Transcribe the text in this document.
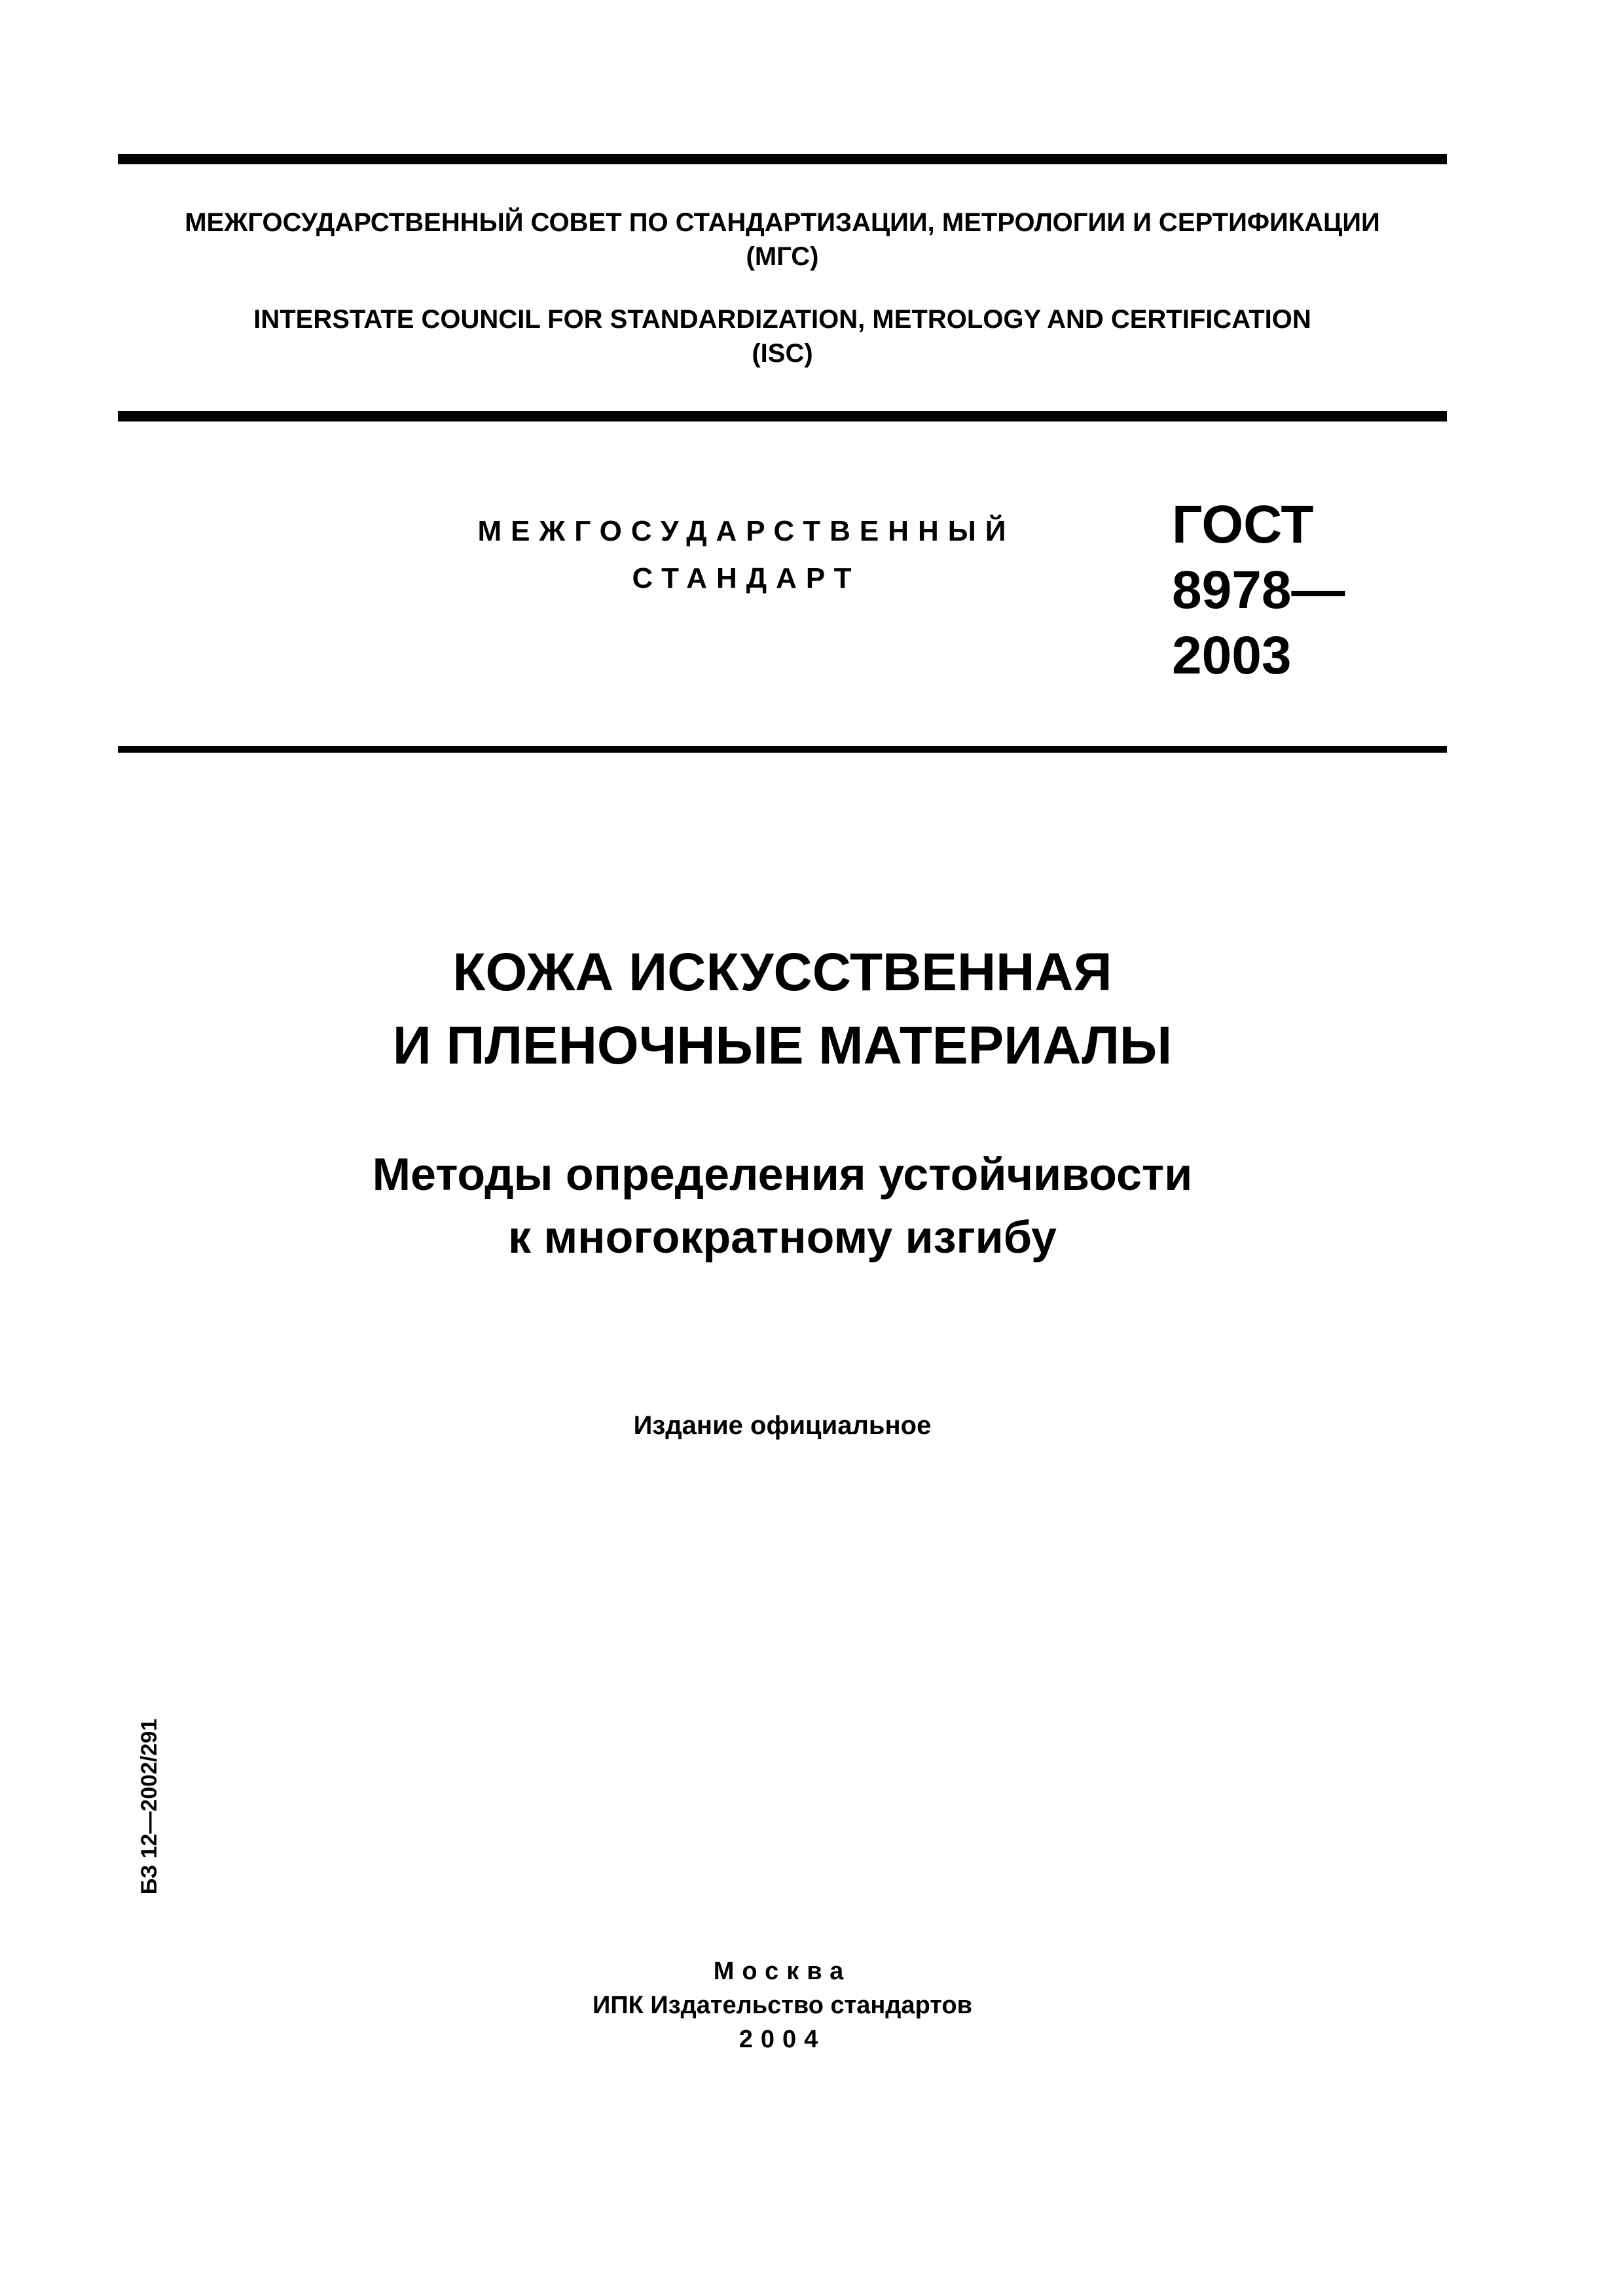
МЕЖГОСУДАРСТВЕННЫЙ СОВЕТ ПО СТАНДАРТИЗАЦИИ, МЕТРОЛОГИИ И СЕРТИФИКАЦИИ
(МГС)
INTERSTATE COUNCIL FOR STANDARDIZATION, METROLOGY AND CERTIFICATION
(ISC)
МЕЖГОСУДАРСТВЕННЫЙ
СТАНДАРТ
ГОСТ
8978—
2003
КОЖА ИСКУССТВЕННАЯ
И ПЛЕНОЧНЫЕ МАТЕРИАЛЫ
Методы определения устойчивости
к многократному изгибу
Издание официальное
БЗ 12—2002/291
Москва
ИПК Издательство стандартов
2004
